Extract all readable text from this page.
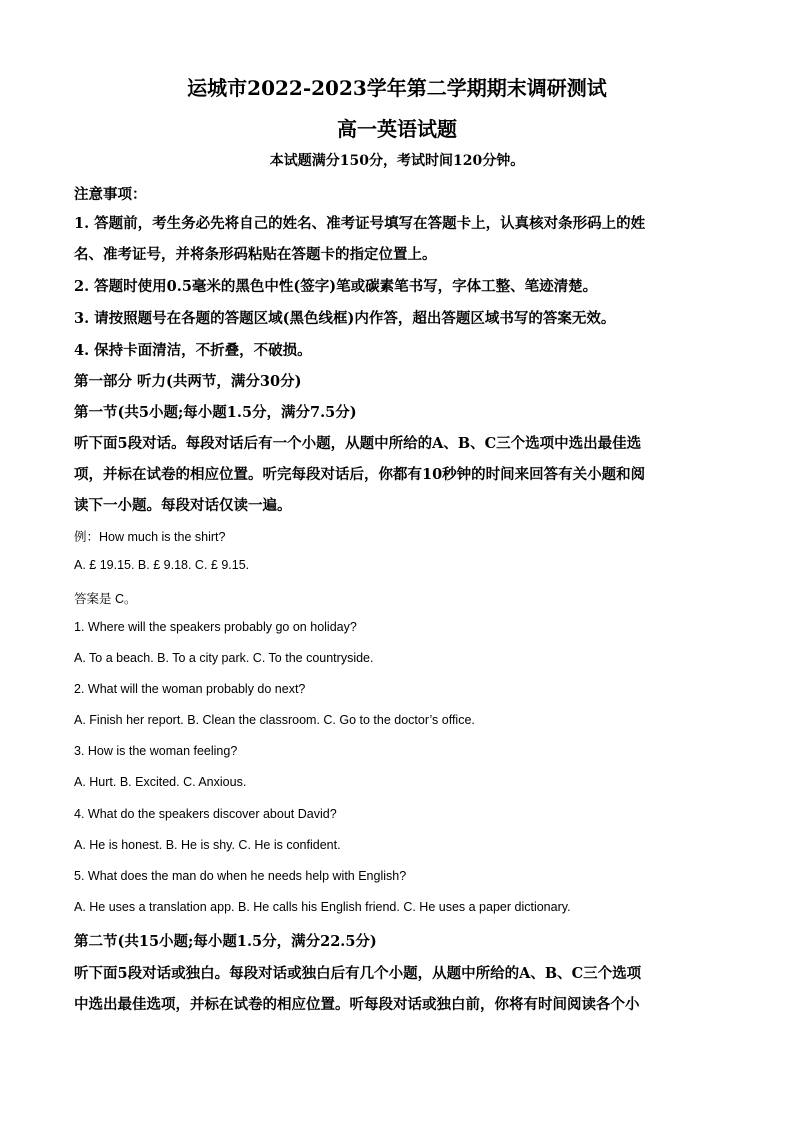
运城市2022-2023学年第二学期期末调研测试
高一英语试题
本试题满分150分，考试时间120分钟。
注意事项：
1. 答题前，考生务必先将自己的姓名、准考证号填写在答题卡上，认真核对条形码上的姓
名、准考证号，并将条形码粘贴在答题卡的指定位置上。
2. 答题时使用0.5毫米的黑色中性(签字)笔或碳素笔书写，字体工整、笔迹清楚。
3. 请按照题号在各题的答题区域(黑色线框)内作答，超出答题区域书写的答案无效。
4. 保持卡面清洁，不折叠，不破损。
第一部分 听力(共两节，满分30分)
第一节(共5小题;每小题1.5分，满分7.5分)
听下面5段对话。每段对话后有一个小题，从题中所给的A、B、C三个选项中选出最佳选
项，并标在试卷的相应位置。听完每段对话后，你都有10秒钟的时间来回答有关小题和阅
读下一小题。每段对话仅读一遍。
例：How much is the shirt?
A. £ 19.15. B. £ 9.18. C. £ 9.15.
答案是 C。
1. Where will the speakers probably go on holiday?
A. To a beach. B. To a city park. C. To the countryside.
2. What will the woman probably do next?
A. Finish her report. B. Clean the classroom. C. Go to the doctor’s office.
3. How is the woman feeling?
A. Hurt. B. Excited. C. Anxious.
4. What do the speakers discover about David?
A. He is honest. B. He is shy. C. He is confident.
5. What does the man do when he needs help with English?
A. He uses a translation app. B. He calls his English friend. C. He uses a paper dictionary.
第二节(共15小题;每小题1.5分，满分22.5分)
听下面5段对话或独白。每段对话或独白后有几个小题，从题中所给的A、B、C三个选项
中选出最佳选项，并标在试卷的相应位置。听每段对话或独白前，你将有时间阅读各个小
